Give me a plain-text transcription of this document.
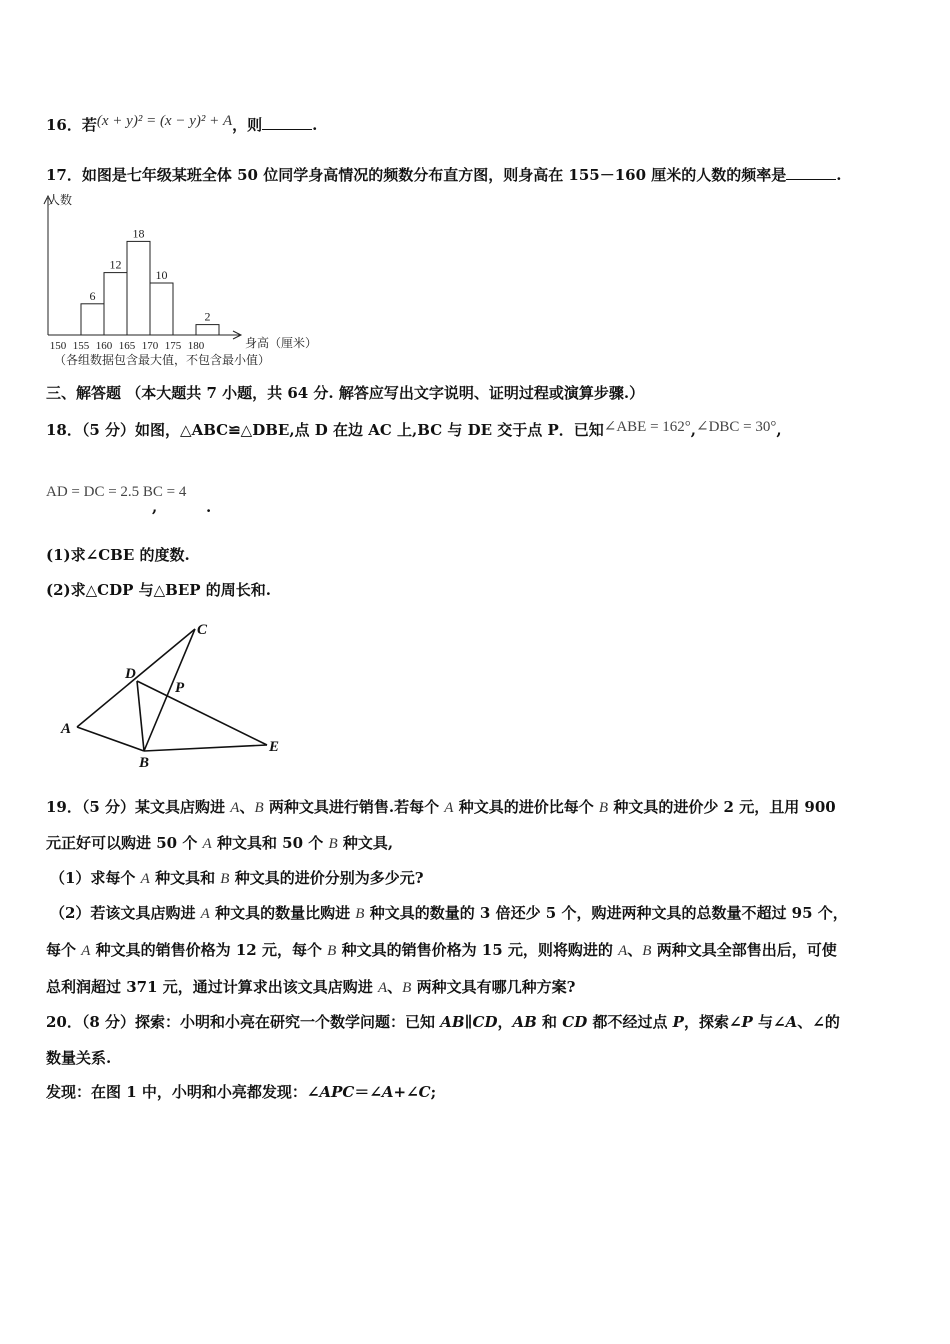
16．若(x + y)² = (x − y)² + A，则	.
17．如图是七年级某班全体 50 位同学身高情况的频数分布直方图，则身高在 155－160 厘米的人数的频率是	.
人数
身高（厘米）
6
12
18
10
2
150 155 160 165 170 175 180
（各组数据包含最大值，不包含最小值）
三、解答题 （本大题共 7 小题，共 64 分. 解答应写出文字说明、证明过程或演算步骤.）
18．（5 分）如图，△ABC≌△DBE,点 D 在边 AC 上,BC 与 DE 交于点 P．已知∠ABE = 162°,∠DBC = 30°,
AD = DC = 2.5 BC = 4
,	.
(1)求∠CBE 的度数.
(2)求△CDP 与△BEP 的周长和.
A
B
C
D
E
P
19．（5 分）某文具店购进 A、B 两种文具进行销售.若每个 A 种文具的进价比每个 B 种文具的进价少 2 元，且用 900
元正好可以购进 50 个 A 种文具和 50 个 B 种文具,
（1）求每个 A 种文具和 B 种文具的进价分别为多少元?
（2）若该文具店购进 A 种文具的数量比购进 B 种文具的数量的 3 倍还少 5 个，购进两种文具的总数量不超过 95 个，
每个 A 种文具的销售价格为 12 元，每个 B 种文具的销售价格为 15 元，则将购进的 A、B 两种文具全部售出后，可使
总利润超过 371 元，通过计算求出该文具店购进 A、B 两种文具有哪几种方案?
20．（8 分）探索：小明和小亮在研究一个数学问题：已知 AB∥CD，AB 和 CD 都不经过点 P，探索∠P 与∠A、∠的
数量关系.
发现：在图 1 中，小明和小亮都发现：∠APC＝∠A+∠C;
